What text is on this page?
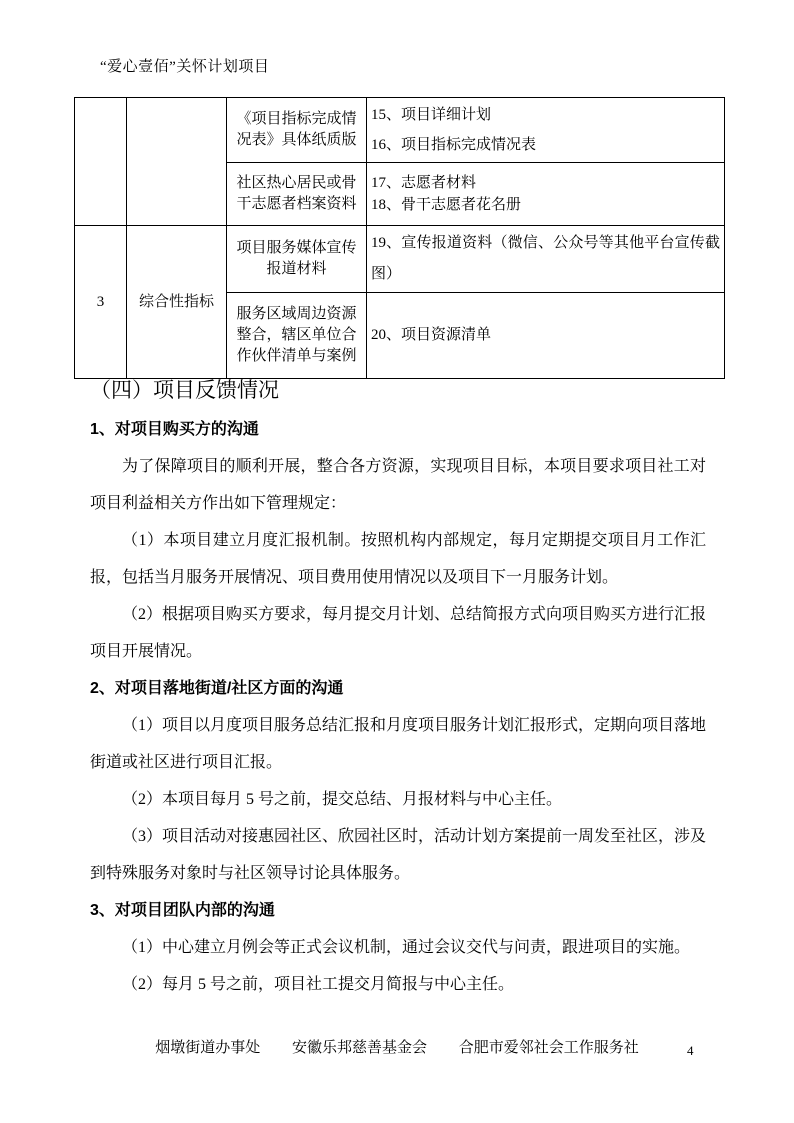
“爱心壹佰”关怀计划项目
		《项目指标完成情况表》具体纸质版	15、项目详细计划
16、项目指标完成情况表

		社区热心居民或骨干志愿者档案资料	17、志愿者材料
18、骨干志愿者花名册

3	综合性指标	项目服务媒体宣传报道材料	19、宣传报道资料（微信、公众号等其他平台宣传截图）

		服务区域周边资源整合，辖区单位合作伙伴清单与案例	20、项目资源清单
（四）项目反馈情况
1、对项目购买方的沟通
为了保障项目的顺利开展，整合各方资源，实现项目目标，本项目要求项目社工对项目利益相关方作出如下管理规定：
（1）本项目建立月度汇报机制。按照机构内部规定，每月定期提交项目月工作汇报，包括当月服务开展情况、项目费用使用情况以及项目下一月服务计划。
（2）根据项目购买方要求，每月提交月计划、总结简报方式向项目购买方进行汇报项目开展情况。
2、对项目落地街道/社区方面的沟通
（1）项目以月度项目服务总结汇报和月度项目服务计划汇报形式，定期向项目落地街道或社区进行项目汇报。
（2）本项目每月 5 号之前，提交总结、月报材料与中心主任。
（3）项目活动对接惠园社区、欣园社区时，活动计划方案提前一周发至社区，涉及到特殊服务对象时与社区领导讨论具体服务。
3、对项目团队内部的沟通
（1）中心建立月例会等正式会议机制，通过会议交代与问责，跟进项目的实施。
（2）每月 5 号之前，项目社工提交月简报与中心主任。
烟墩街道办事处 安徽乐邦慈善基金会 合肥市爱邻社会工作服务社	4
